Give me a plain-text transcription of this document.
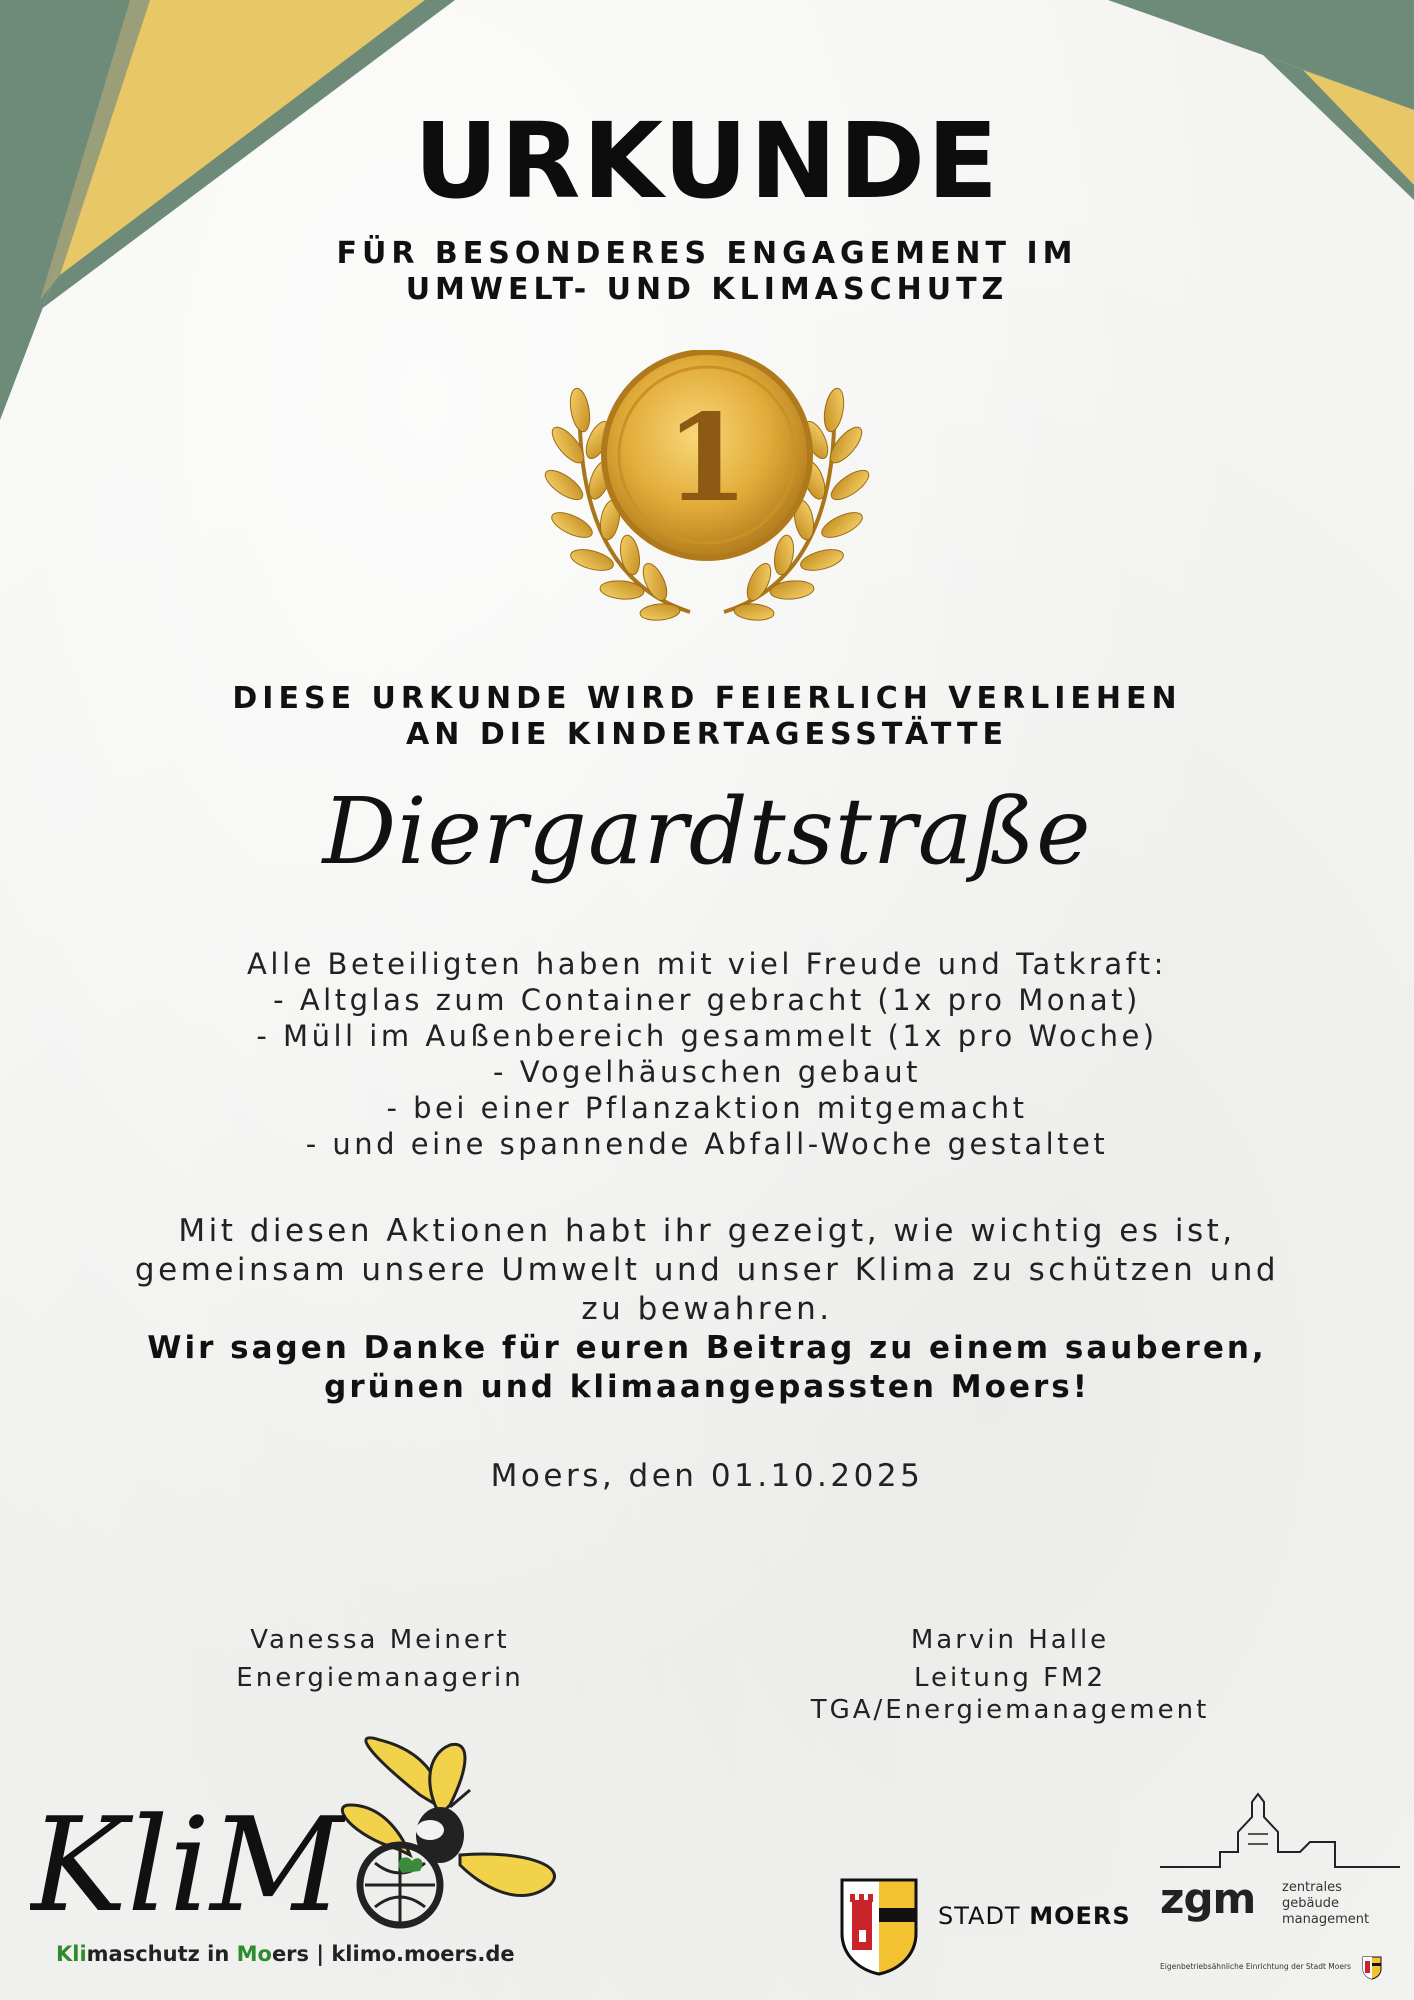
URKUNDE
FÜR BESONDERES ENGAGEMENT IM
UMWELT- UND KLIMASCHUTZ
1
DIESE URKUNDE WIRD FEIERLICH VERLIEHEN
AN DIE KINDERTAGESSTÄTTE
Diergardtstraße
Alle Beteiligten haben mit viel Freude und Tatkraft:
- Altglas zum Container gebracht (1x pro Monat)
- Müll im Außenbereich gesammelt (1x pro Woche)
- Vogelhäuschen gebaut
- bei einer Pflanzaktion mitgemacht
- und eine spannende Abfall-Woche gestaltet
Mit diesen Aktionen habt ihr gezeigt, wie wichtig es ist,
gemeinsam unsere Umwelt und unser Klima zu schützen und
zu bewahren.
Wir sagen Danke für euren Beitrag zu einem sauberen,
grünen und klimaangepassten Moers!
Moers, den 01.10.2025
Vanessa Meinert
Energiemanagerin
Marvin Halle
Leitung FM2
TGA/Energiemanagement
KliM
Klimaschutz in Moers | klimo.moers.de
STADT MOERS zgm zentrales
gebäude
management
Eigenbetriebsähnliche Einrichtung der Stadt Moers
